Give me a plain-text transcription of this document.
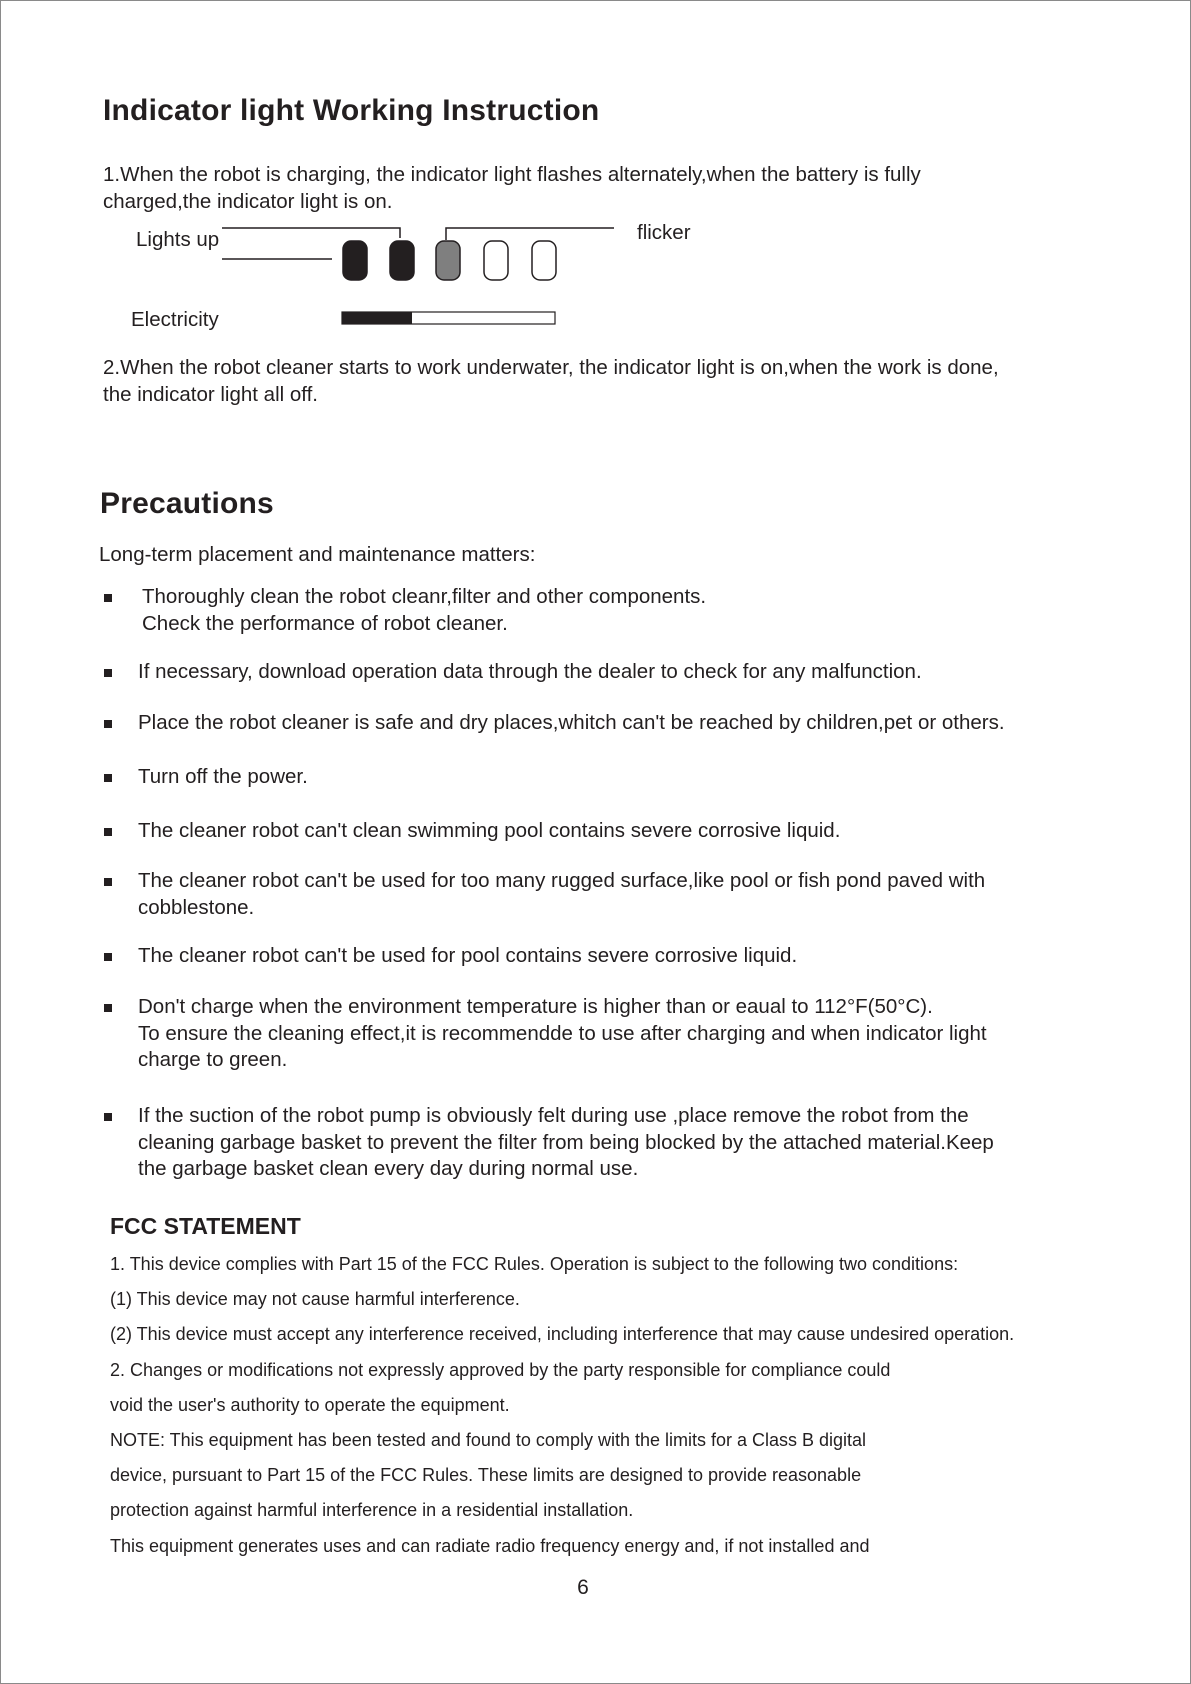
Indicator light Working Instruction
1.When the robot is charging, the indicator light flashes alternately,when the battery is fully
charged,the indicator light is on.
Lights up	flicker
Electricity
2.When the robot cleaner starts to work underwater, the indicator light is on,when the work is done,
the indicator light all off.
Precautions
Long-term placement and maintenance matters:
Thoroughly clean the robot cleanr,filter and other components.
Check the performance of robot cleaner.
If necessary, download operation data through the dealer to check for any malfunction.
Place the robot cleaner is safe and dry places,whitch can't be reached by children,pet or others.
Turn off the power.
The cleaner robot can't clean swimming pool contains severe corrosive liquid.
The cleaner robot can't be used for too many rugged surface,like pool or fish pond paved with
cobblestone.
The cleaner robot can't be used for pool contains severe corrosive liquid.
Don't charge when the environment temperature is higher than or eaual to 112°F(50°C).
To ensure the cleaning effect,it is recommendde to use after charging and when indicator light
charge to green.
If the suction of the robot pump is obviously felt during use ,place remove the robot from the
cleaning garbage basket to prevent the filter from being blocked by the attached material.Keep
the garbage basket clean every day during normal use.
FCC STATEMENT
1. This device complies with Part 15 of the FCC Rules. Operation is subject to the following two conditions:
(1) This device may not cause harmful interference.
(2) This device must accept any interference received, including interference that may cause undesired operation.
2. Changes or modifications not expressly approved by the party responsible for compliance could
void the user's authority to operate the equipment.
NOTE: This equipment has been tested and found to comply with the limits for a Class B digital
device, pursuant to Part 15 of the FCC Rules. These limits are designed to provide reasonable
protection against harmful interference in a residential installation.
This equipment generates uses and can radiate radio frequency energy and, if not installed and
6
